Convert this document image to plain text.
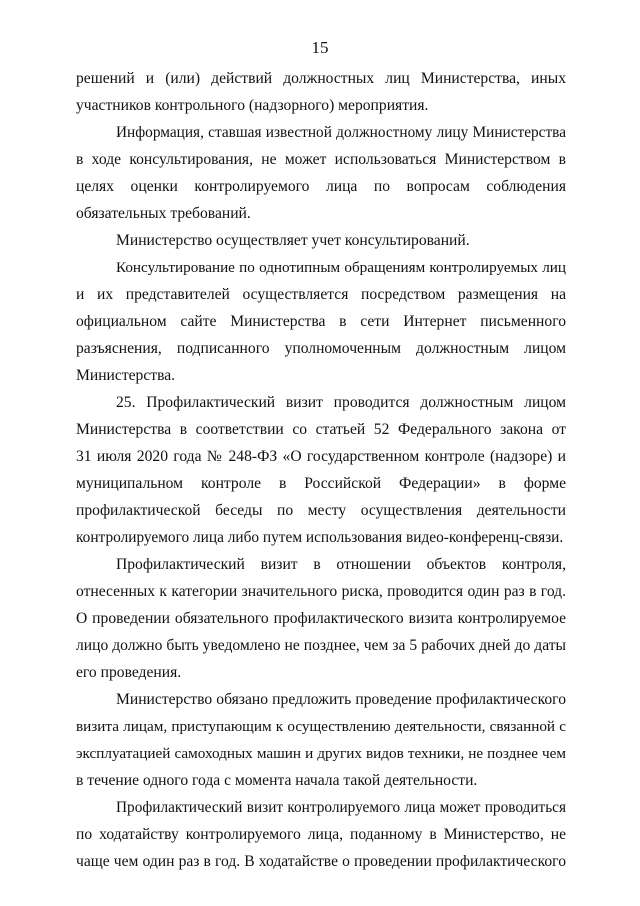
15
решений и (или) действий должностных лиц Министерства, иных
участников контрольного (надзорного) мероприятия.
Информация, ставшая известной должностному лицу Министерства
в ходе консультирования, не может использоваться Министерством в
целях оценки контролируемого лица по вопросам соблюдения
обязательных требований.
Министерство осуществляет учет консультирований.
Консультирование по однотипным обращениям контролируемых лиц
и их представителей осуществляется посредством размещения на
официальном сайте Министерства в сети Интернет письменного
разъяснения, подписанного уполномоченным должностным лицом
Министерства.
25. Профилактический визит проводится должностным лицом
Министерства в соответствии со статьей 52 Федерального закона от
31 июля 2020 года № 248-ФЗ «О государственном контроле (надзоре) и
муниципальном контроле в Российской Федерации» в форме
профилактической беседы по месту осуществления деятельности
контролируемого лица либо путем использования видео-конференц-связи.
Профилактический визит в отношении объектов контроля,
отнесенных к категории значительного риска, проводится один раз в год.
О проведении обязательного профилактического визита контролируемое
лицо должно быть уведомлено не позднее, чем за 5 рабочих дней до даты
его проведения.
Министерство обязано предложить проведение профилактического
визита лицам, приступающим к осуществлению деятельности, связанной с
эксплуатацией самоходных машин и других видов техники, не позднее чем
в течение одного года с момента начала такой деятельности.
Профилактический визит контролируемого лица может проводиться
по ходатайству контролируемого лица, поданному в Министерство, не
чаще чем один раз в год. В ходатайстве о проведении профилактического
